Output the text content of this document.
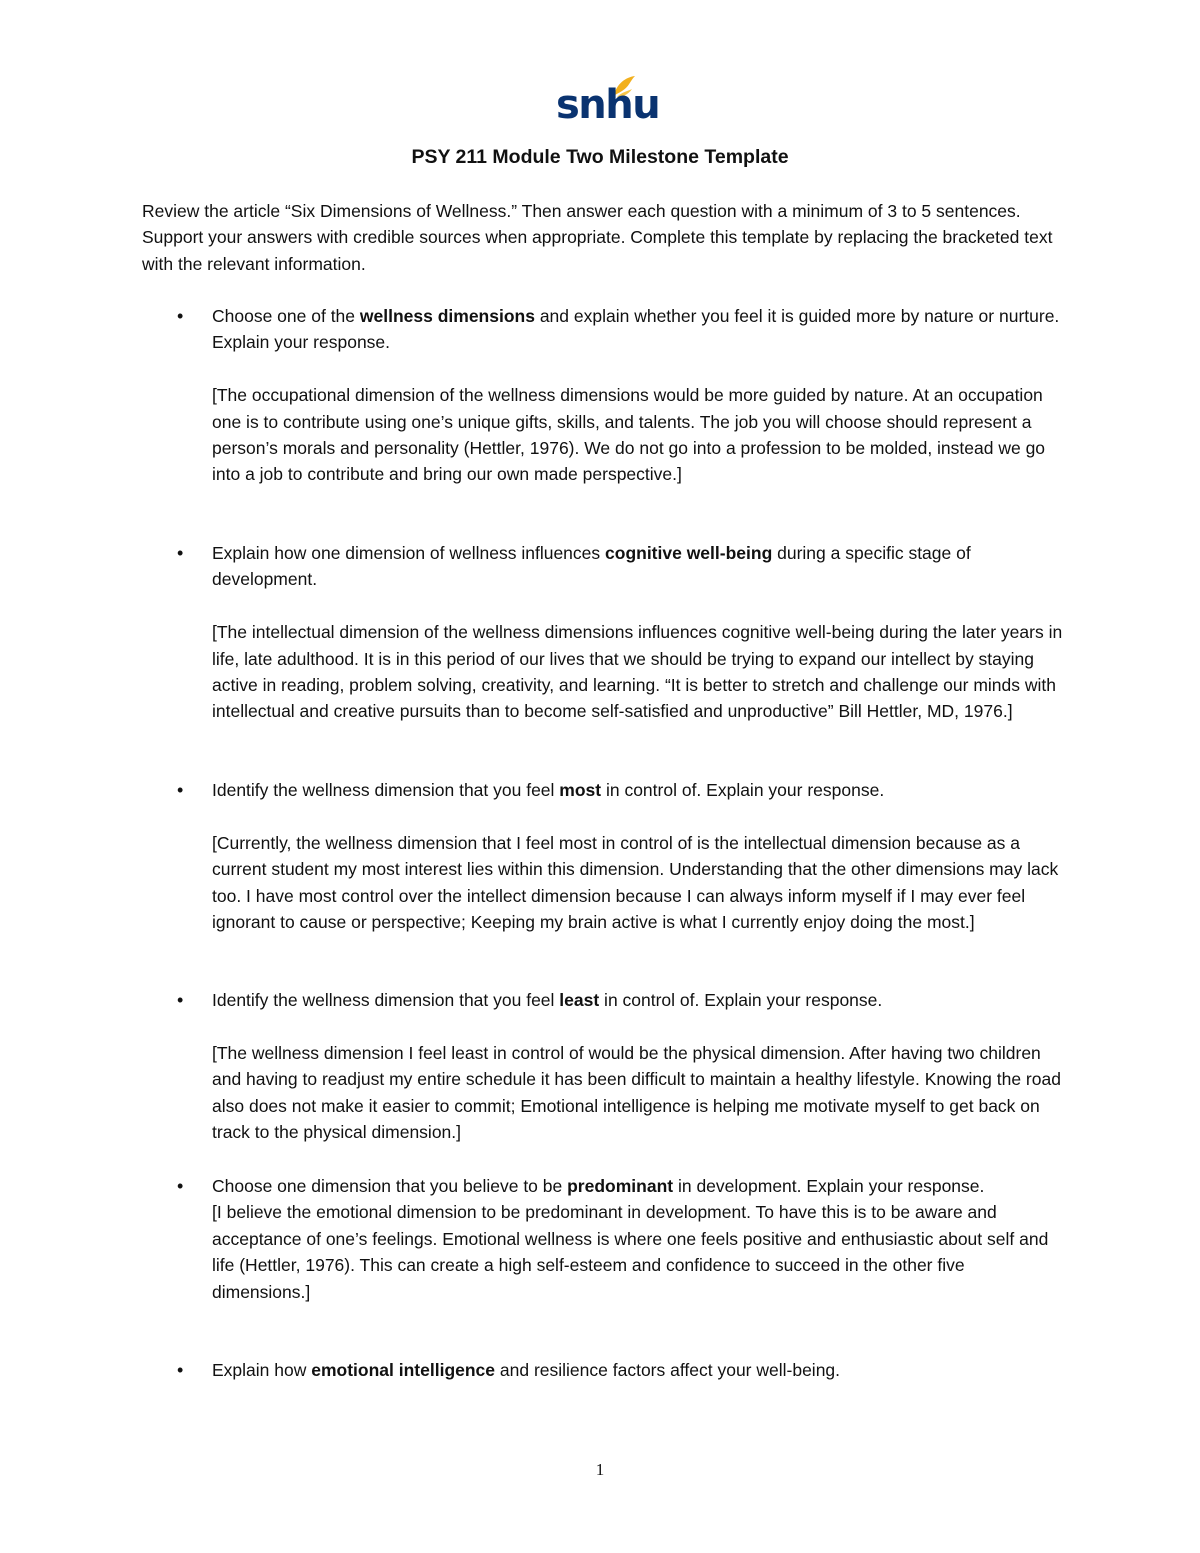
snhu
PSY 211 Module Two Milestone Template
Review the article “Six Dimensions of Wellness.” Then answer each question with a minimum of 3 to 5 sentences. Support your answers with credible sources when appropriate. Complete this template by replacing the bracketed text with the relevant information.
• Choose one of the wellness dimensions and explain whether you feel it is guided more by nature or nurture. Explain your response.
[The occupational dimension of the wellness dimensions would be more guided by nature. At an occupation one is to contribute using one’s unique gifts, skills, and talents. The job you will choose should represent a person’s morals and personality (Hettler, 1976). We do not go into a profession to be molded, instead we go into a job to contribute and bring our own made perspective.]
• Explain how one dimension of wellness influences cognitive well-being during a specific stage of development.
[The intellectual dimension of the wellness dimensions influences cognitive well-being during the later years in life, late adulthood. It is in this period of our lives that we should be trying to expand our intellect by staying active in reading, problem solving, creativity, and learning. “It is better to stretch and challenge our minds with intellectual and creative pursuits than to become self-satisfied and unproductive” Bill Hettler, MD, 1976.]
• Identify the wellness dimension that you feel most in control of. Explain your response.
[Currently, the wellness dimension that I feel most in control of is the intellectual dimension because as a current student my most interest lies within this dimension. Understanding that the other dimensions may lack too. I have most control over the intellect dimension because I can always inform myself if I may ever feel ignorant to cause or perspective; Keeping my brain active is what I currently enjoy doing the most.]
• Identify the wellness dimension that you feel least in control of. Explain your response.
[The wellness dimension I feel least in control of would be the physical dimension. After having two children and having to readjust my entire schedule it has been difficult to maintain a healthy lifestyle. Knowing the road also does not make it easier to commit; Emotional intelligence is helping me motivate myself to get back on track to the physical dimension.]
• Choose one dimension that you believe to be predominant in development. Explain your response.
[I believe the emotional dimension to be predominant in development. To have this is to be aware and acceptance of one’s feelings. Emotional wellness is where one feels positive and enthusiastic about self and life (Hettler, 1976). This can create a high self-esteem and confidence to succeed in the other five dimensions.]
• Explain how emotional intelligence and resilience factors affect your well-being.
1
